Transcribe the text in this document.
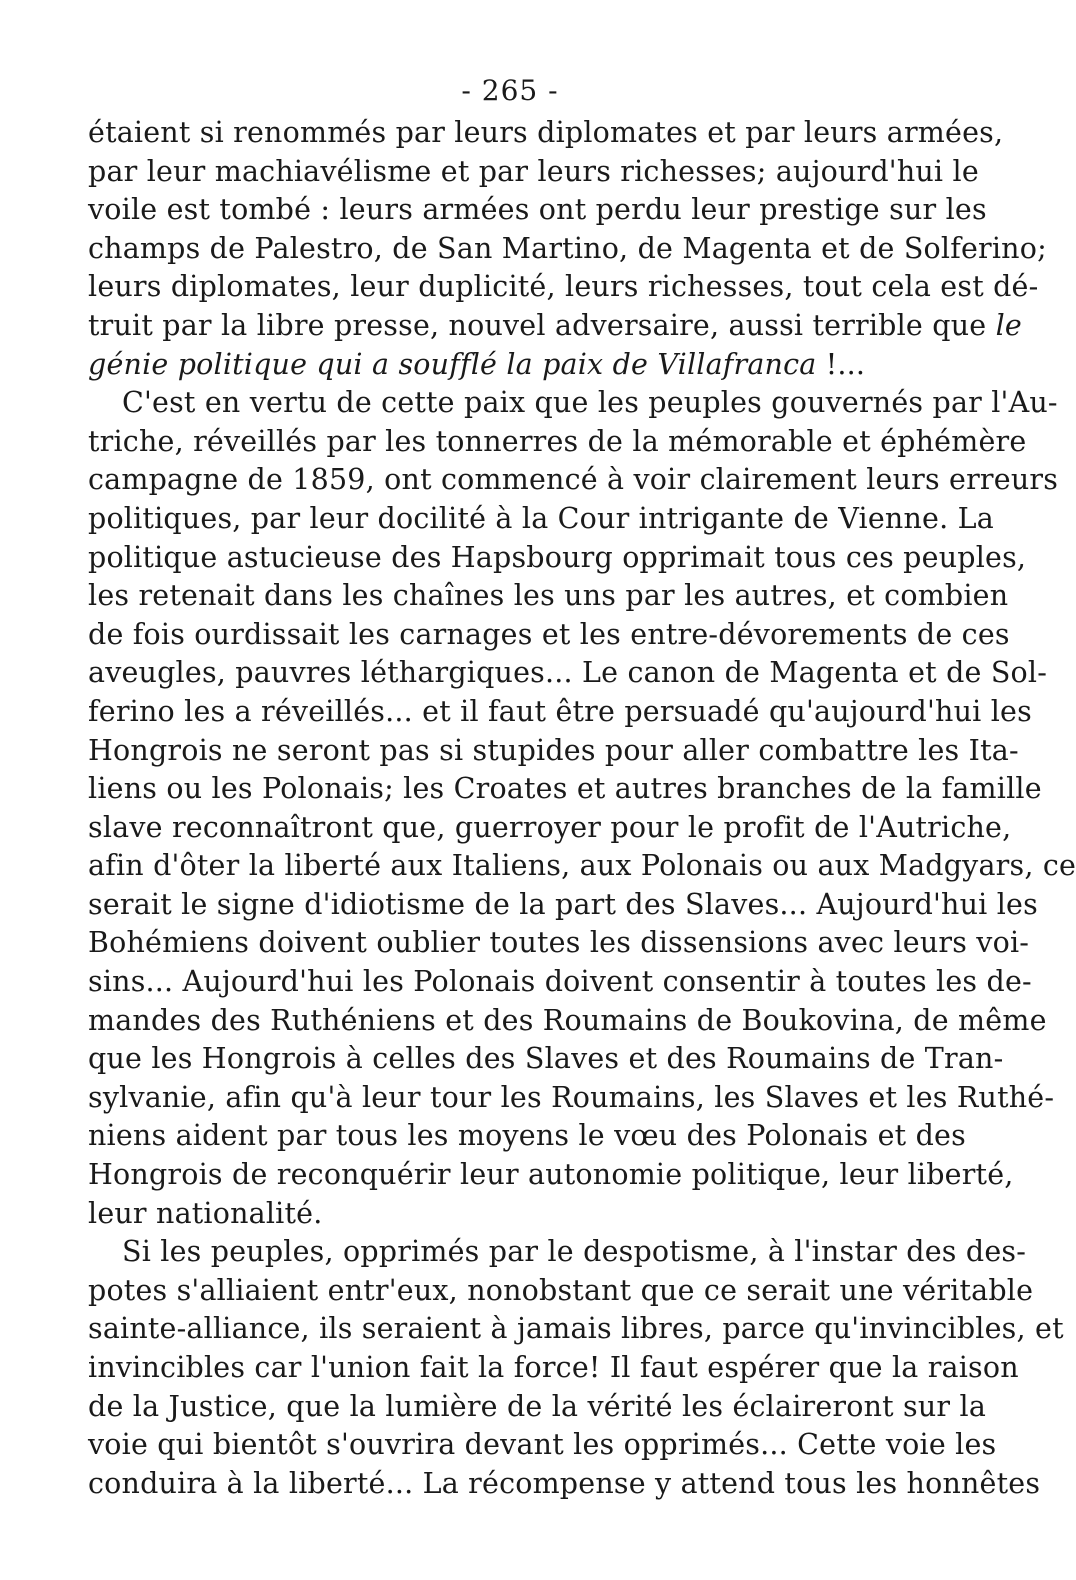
- 265 -
étaient si renommés par leurs diplomates et par leurs armées,
par leur machiavélisme et par leurs richesses; aujourd'hui le
voile est tombé : leurs armées ont perdu leur prestige sur les
champs de Palestro, de San Martino, de Magenta et de Solferino;
leurs diplomates, leur duplicité, leurs richesses, tout cela est dé-
truit par la libre presse, nouvel adversaire, aussi terrible que le
génie politique qui a soufflé la paix de Villafranca !...
C'est en vertu de cette paix que les peuples gouvernés par l'Au-
triche, réveillés par les tonnerres de la mémorable et éphémère
campagne de 1859, ont commencé à voir clairement leurs erreurs
politiques, par leur docilité à la Cour intrigante de Vienne. La
politique astucieuse des Hapsbourg opprimait tous ces peuples,
les retenait dans les chaînes les uns par les autres, et combien
de fois ourdissait les carnages et les entre-dévorements de ces
aveugles, pauvres léthargiques... Le canon de Magenta et de Sol-
ferino les a réveillés... et il faut être persuadé qu'aujourd'hui les
Hongrois ne seront pas si stupides pour aller combattre les Ita-
liens ou les Polonais; les Croates et autres branches de la famille
slave reconnaîtront que, guerroyer pour le profit de l'Autriche,
afin d'ôter la liberté aux Italiens, aux Polonais ou aux Madgyars, ce
serait le signe d'idiotisme de la part des Slaves... Aujourd'hui les
Bohémiens doivent oublier toutes les dissensions avec leurs voi-
sins... Aujourd'hui les Polonais doivent consentir à toutes les de-
mandes des Ruthéniens et des Roumains de Boukovina, de même
que les Hongrois à celles des Slaves et des Roumains de Tran-
sylvanie, afin qu'à leur tour les Roumains, les Slaves et les Ruthé-
niens aident par tous les moyens le vœu des Polonais et des
Hongrois de reconquérir leur autonomie politique, leur liberté,
leur nationalité.
Si les peuples, opprimés par le despotisme, à l'instar des des-
potes s'alliaient entr'eux, nonobstant que ce serait une véritable
sainte-alliance, ils seraient à jamais libres, parce qu'invincibles, et
invincibles car l'union fait la force! Il faut espérer que la raison
de la Justice, que la lumière de la vérité les éclaireront sur la
voie qui bientôt s'ouvrira devant les opprimés... Cette voie les
conduira à la liberté... La récompense y attend tous les honnêtes
